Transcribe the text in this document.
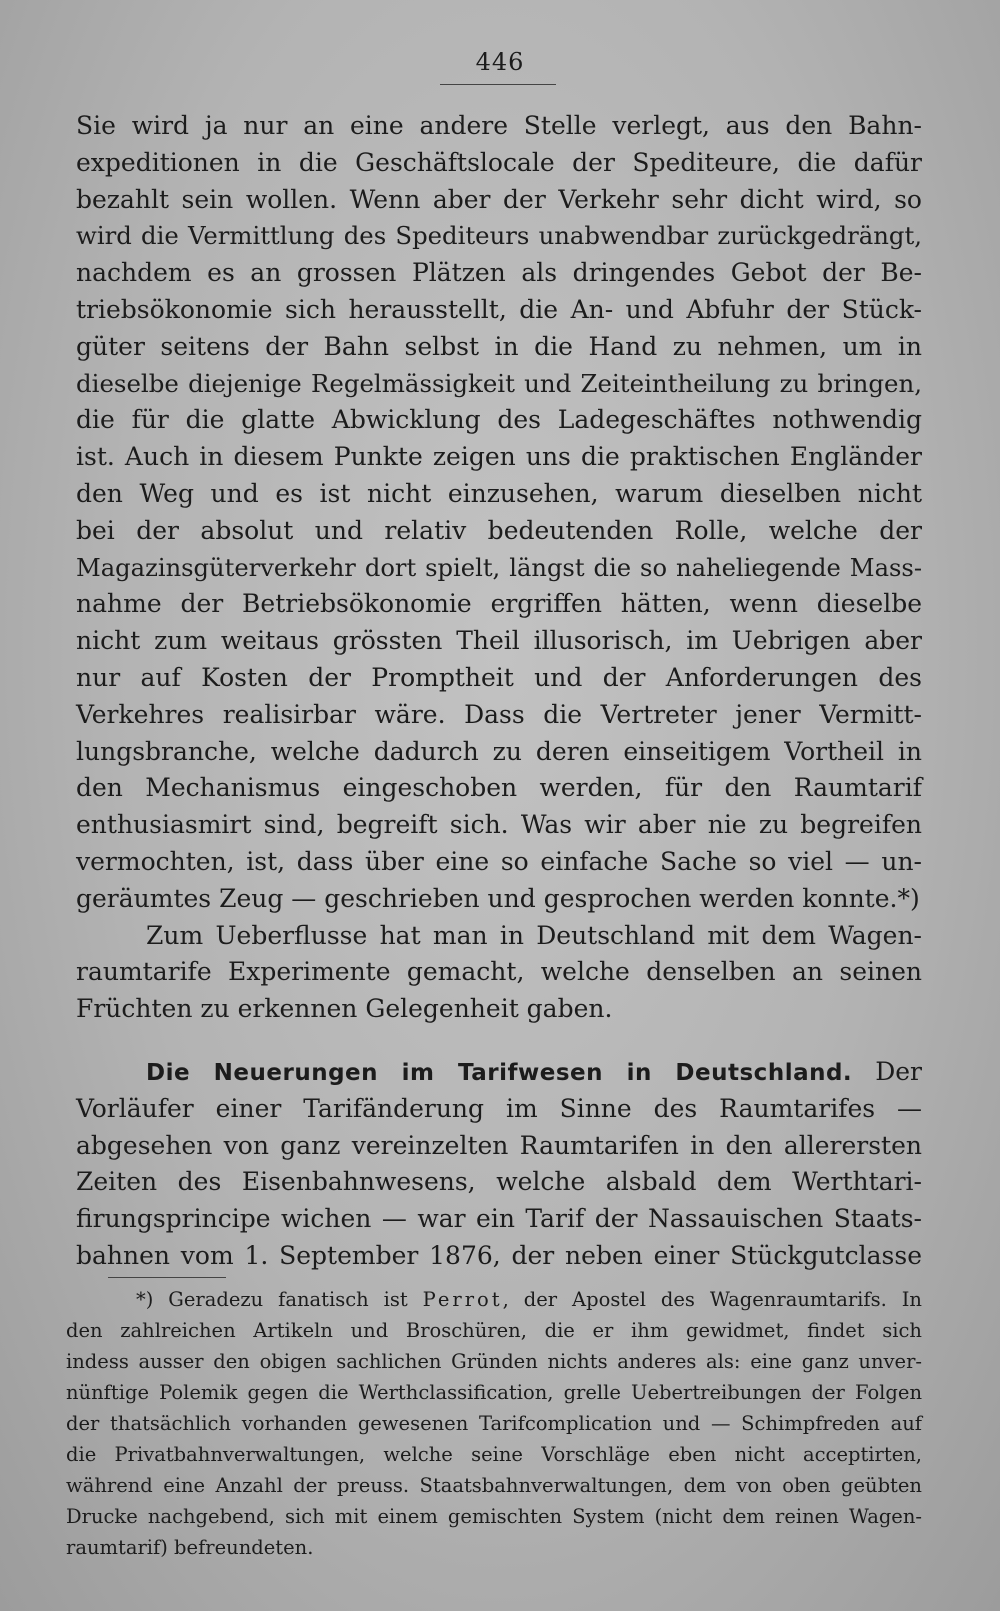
446
Sie wird ja nur an eine andere Stelle verlegt, aus den Bahn-
expeditionen in die Geschäftslocale der Spediteure, die dafür
bezahlt sein wollen. Wenn aber der Verkehr sehr dicht wird, so
wird die Vermittlung des Spediteurs unabwendbar zurückgedrängt,
nachdem es an grossen Plätzen als dringendes Gebot der Be-
triebsökonomie sich herausstellt, die An- und Abfuhr der Stück-
güter seitens der Bahn selbst in die Hand zu nehmen, um in
dieselbe diejenige Regelmässigkeit und Zeiteintheilung zu bringen,
die für die glatte Abwicklung des Ladegeschäftes nothwendig
ist. Auch in diesem Punkte zeigen uns die praktischen Engländer
den Weg und es ist nicht einzusehen, warum dieselben nicht
bei der absolut und relativ bedeutenden Rolle, welche der
Magazinsgüterverkehr dort spielt, längst die so naheliegende Mass-
nahme der Betriebsökonomie ergriffen hätten, wenn dieselbe
nicht zum weitaus grössten Theil illusorisch, im Uebrigen aber
nur auf Kosten der Promptheit und der Anforderungen des
Verkehres realisirbar wäre. Dass die Vertreter jener Vermitt-
lungsbranche, welche dadurch zu deren einseitigem Vortheil in
den Mechanismus eingeschoben werden, für den Raumtarif
enthusiasmirt sind, begreift sich. Was wir aber nie zu begreifen
vermochten, ist, dass über eine so einfache Sache so viel — un-
geräumtes Zeug — geschrieben und gesprochen werden konnte.*)
Zum Ueberflusse hat man in Deutschland mit dem Wagen-
raumtarife Experimente gemacht, welche denselben an seinen
Früchten zu erkennen Gelegenheit gaben.
Die Neuerungen im Tarifwesen in Deutschland. Der
Vorläufer einer Tarifänderung im Sinne des Raumtarifes —
abgesehen von ganz vereinzelten Raumtarifen in den allerersten
Zeiten des Eisenbahnwesens, welche alsbald dem Werthtari-
firungsprincipe wichen — war ein Tarif der Nassauischen Staats-
bahnen vom 1. September 1876, der neben einer Stückgutclasse
*) Geradezu fanatisch ist Perrot, der Apostel des Wagenraumtarifs. In
den zahlreichen Artikeln und Broschüren, die er ihm gewidmet, findet sich
indess ausser den obigen sachlichen Gründen nichts anderes als: eine ganz unver-
nünftige Polemik gegen die Werthclassification, grelle Uebertreibungen der Folgen
der thatsächlich vorhanden gewesenen Tarifcomplication und — Schimpfreden auf
die Privatbahnverwaltungen, welche seine Vorschläge eben nicht acceptirten,
während eine Anzahl der preuss. Staatsbahnverwaltungen, dem von oben geübten
Drucke nachgebend, sich mit einem gemischten System (nicht dem reinen Wagen-
raumtarif) befreundeten.
